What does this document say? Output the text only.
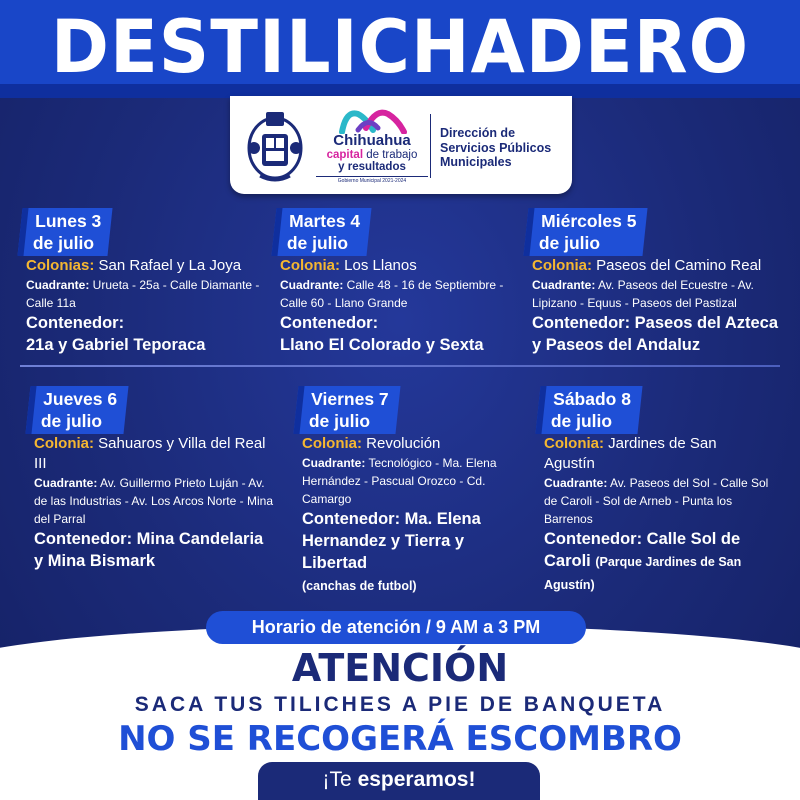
DESTILICHADERO
Chihuahua
capital de trabajo
y resultados
Gobierno Municipal 2021-2024
Dirección de Servicios Públicos Municipales
Lunes 3
de julio
Colonias: San Rafael y La Joya
Cuadrante: Urueta - 25a - Calle Diamante - Calle 11a
Contenedor:
21a y Gabriel Teporaca
Martes 4
de julio
Colonia: Los Llanos
Cuadrante: Calle 48 - 16 de Septiembre - Calle 60 - Llano Grande
Contenedor:
Llano El Colorado y Sexta
Miércoles 5
de julio
Colonia: Paseos del Camino Real
Cuadrante: Av. Paseos del Ecuestre - Av. Lipizano - Equus - Paseos del Pastizal
Contenedor: Paseos del Azteca y Paseos del Andaluz
Jueves 6
de julio
Colonia: Sahuaros y Villa del Real III
Cuadrante: Av. Guillermo Prieto Luján - Av. de las Industrias - Av. Los Arcos Norte - Mina del Parral
Contenedor: Mina Candelaria y Mina Bismark
Viernes 7
de julio
Colonia: Revolución
Cuadrante: Tecnológico - Ma. Elena Hernández - Pascual Orozco - Cd. Camargo
Contenedor: Ma. Elena Hernandez y Tierra y Libertad
(canchas de futbol)
Sábado 8
de julio
Colonia: Jardines de San Agustín
Cuadrante: Av. Paseos del Sol - Calle Sol de Caroli - Sol de Arneb - Punta los Barrenos
Contenedor: Calle Sol de Caroli (Parque Jardines de San Agustín)
Horario de atención / 9 AM a 3 PM
ATENCIÓN
SACA TUS TILICHES A PIE DE BANQUETA
NO SE RECOGERÁ ESCOMBRO
¡Te esperamos!
